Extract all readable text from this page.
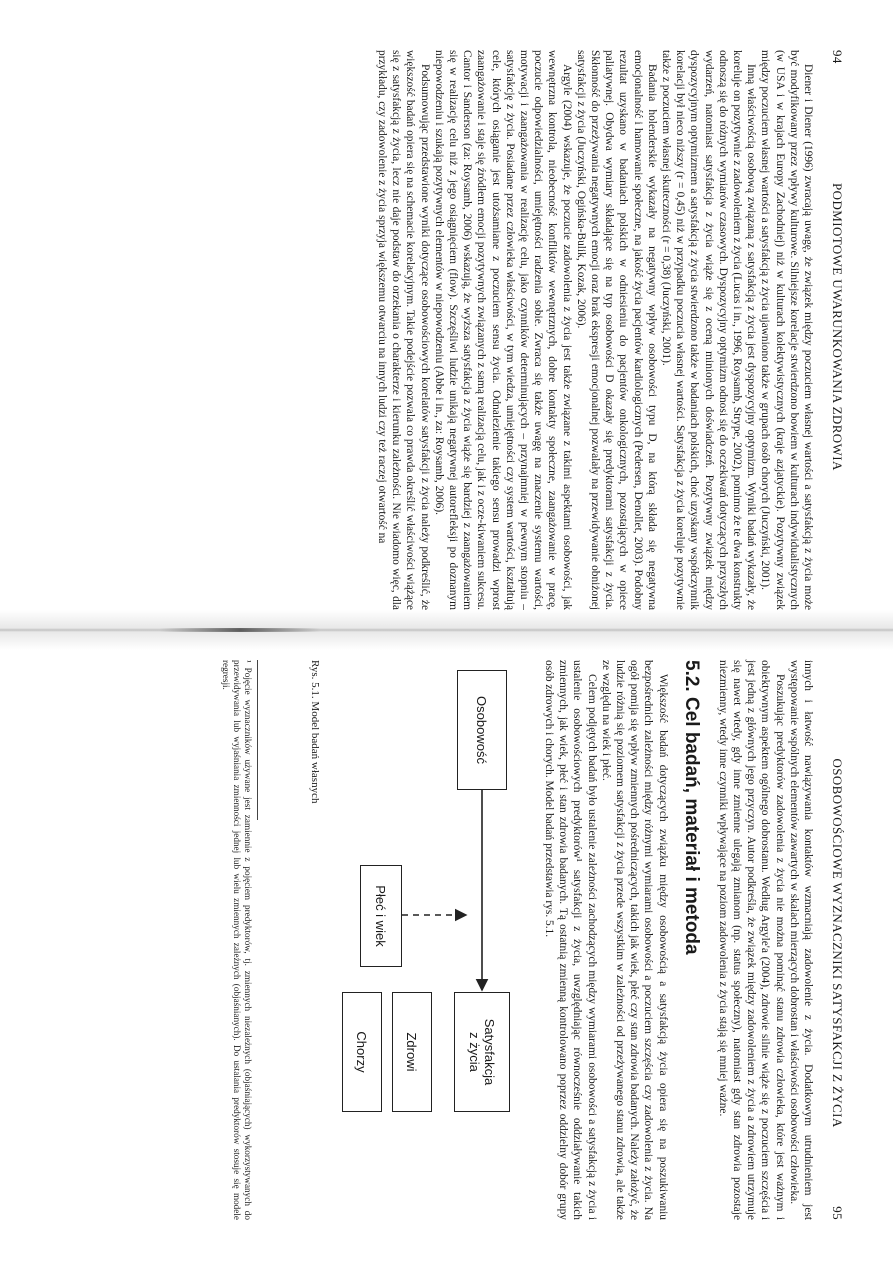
94
PODMIOTOWE UWARUNKOWANIA ZDROWIA

Diener i Diener (1996) zwracają uwagę, że związek między poczuciem własnej wartości a satysfakcją z życia może być modyfikowany przez wpływy kulturowe. Silniejsze korelacje stwierdzono bowiem w kulturach indywidualistycznych (w USA i w krajach Europy Zachodniej) niż w kulturach kolektywistycznych (kraje azjatyckie). Pozytywny związek między poczuciem własnej wartości a satysfakcją z życia ujawniono także w grupach osób chorych (Juczyński, 2001).

Inną właściwością osobową związaną z satysfakcją z życia jest dyspozycyjny optymizm. Wyniki badań wykazały, że koreluje on pozytywnie z zadowoleniem z życia (Lucas i in., 1996, Roysamb, Strype, 2002), pomimo że te dwa konstrukty odnoszą się do różnych wymiarów czasowych. Dyspozycyjny optymizm odnosi się do oczekiwań dotyczących przyszłych wydarzeń, natomiast satysfakcja z życia wiąże się z oceną minionych doświadczeń. Pozytywny związek między dyspozycyjnym optymizmem a satysfakcją z życia stwierdzono także w badaniach polskich, choć uzyskany współczynnik korelacji był nieco niższy (r = 0,45) niż w przypadku poczucia własnej wartości. Satysfakcja z życia koreluje pozytywnie także z poczuciem własnej skuteczności (r = 0,38) (Juczyński, 2001).

Badania holenderskie wykazały na negatywny wpływ osobowości typu D, na którą składa się negatywna emocjonalność i hamowanie społeczne, na jakość życia pacjentów kardiologicznych (Pedersen, Denollet, 2003). Podobny rezultat uzyskano w badaniach polskich w odniesieniu do pacjentów onkologicznych, pozostających w opiece paliatywnej. Obydwa wymiary składające się na typ osobowości D okazały się predyktorami satysfakcji z życia. Skłonność do przeżywania negatywnych emocji oraz brak ekspresji emocjonalnej pozwalały na przewidywanie obniżonej satysfakcji z życia (Juczyński, Ogińska-Bulik, Kozak, 2006).

Argyle (2004) wskazuje, że poczucie zadowolenia z życia jest także związane z takimi aspektami osobowości, jak wewnętrzna kontrola, nieobecność konfliktów wewnętrznych, dobre kontakty społeczne, zaangażowanie w pracę, poczucie odpowiedzialności, umiejętności radzenia sobie. Zwraca się także uwagę na znaczenie systemu wartości, motywacji i zaangażowania w realizację celu, jako czynników determinujących – przynajmniej w pewnym stopniu – satysfakcję z życia. Posiadane przez człowieka właściwości, w tym wiedza, umiejętności czy system wartości, kształtują cele, których osiąganie jest utożsamiane z poczuciem sensu życia. Odnalezienie takiego sensu prowadzi wprost zaangażowanie i staje się źródłem emocji pozytywnych związanych z samą realizacją celu, jak i z ocze-kiwaniem sukcesu. Cantor i Sanderson (za: Roysamb, 2006) wskazują, że wyższa satysfakcja z życia wiąże się bardziej z zaangażowaniem się w realizację celu niż z jego osiągnięciem (flow). Szczęśliwi ludzie unikają negatywnej autorefleksji po doznanym niepowodzeniu i szukają pozytywnych elementów w niepowodzeniu (Abbe i in., za: Roysamb, 2006).

Podsumowując przedstawione wyniki dotyczące osobowościowych korelatów satysfakcji z życia należy podkreślić, że większość badań opiera się na schemacie korelacyjnym. Takie podejście pozwala co prawda określić właściwości wiążące się z satysfakcją z życia, lecz nie daje podstaw do orzekania o charakterze i kierunku zależności. Nie wiadomo więc, dla przykładu, czy zadowolenie z życia sprzyja większemu otwarciu na innych ludzi czy też raczej otwartość na

OSOBOWOŚCIOWE WYZNACZNIKI SATYSFAKCJI Z ŻYCIA
95

innych i łatwość nawiązywania kontaktów wzmacniają zadowolenie z życia. Dodatkowym utrudnieniem jest występowanie wspólnych elementów zawartych w skalach mierzących dobrostan i właściwości osobowości człowieka.

Poszukując predyktorów zadowolenia z życia nie można pominąć stanu zdrowia człowieka, które jest ważnym i obiektywnym aspektem ogólnego dobrostanu. Według Argyle'a (2004), zdrowie silnie wiąże się z poczuciem szczęścia i jest jedną z głównych jego przyczyn. Autor podkreśla, że związek między zadowoleniem z życia a zdrowiem utrzymuje się nawet wtedy, gdy inne zmienne ulegają zmianom (np. status społeczny), natomiast gdy stan zdrowia pozostaje niezmienny, wtedy inne czynniki wpływające na poziom zadowolenia z życia stają się mniej ważne.

5.2. Cel badań, materiał i metoda

Większość badań dotyczących związku między osobowością a satysfakcją życia opiera się na poszukiwaniu bezpośrednich zależności między różnymi wymiarami osobowości a poczuciem szczęścia czy zadowolenia z życia. Na ogół pomija się wpływ zmiennych pośredniczących, takich jak wiek, płeć czy stan zdrowia badanych. Należy założyć, że ludzie różnią się poziomem satysfakcji z życia przede wszystkim w zależności od przeżywanego stanu zdrowia, ale także ze względu na wiek i płeć.

Celem podjętych badań było ustalenie zależności zachodzących między wymiarami osobowości a satysfakcją z życia i ustalenie osobowościowych predyktorów¹ satysfakcji z życia, uwzględniając równocześnie oddziaływanie takich zmiennych, jak wiek, płeć i stan zdrowia badanych. Tą ostatnią zmienną kontrolowano poprzez oddzielny dobór grupy osób zdrowych i chorych. Model badań przedstawia rys. 5.1.

Osobowość
Płeć i wiek
Satysfakcja
z życia
Zdrowi
Chorzy
Rys. 5.1. Model badań własnych

¹ Pojęcie wyznaczników używane jest zamiennie z pojęciem predyktorów, tj. zmiennych niezależnych (objaśniających) wykorzystywanych do przewidywania lub wyjaśniania zmienności jednej lub wielu zmiennych zależnych (objaśnianych). Do ustalania predyktorów stosuje się modele regresji.
